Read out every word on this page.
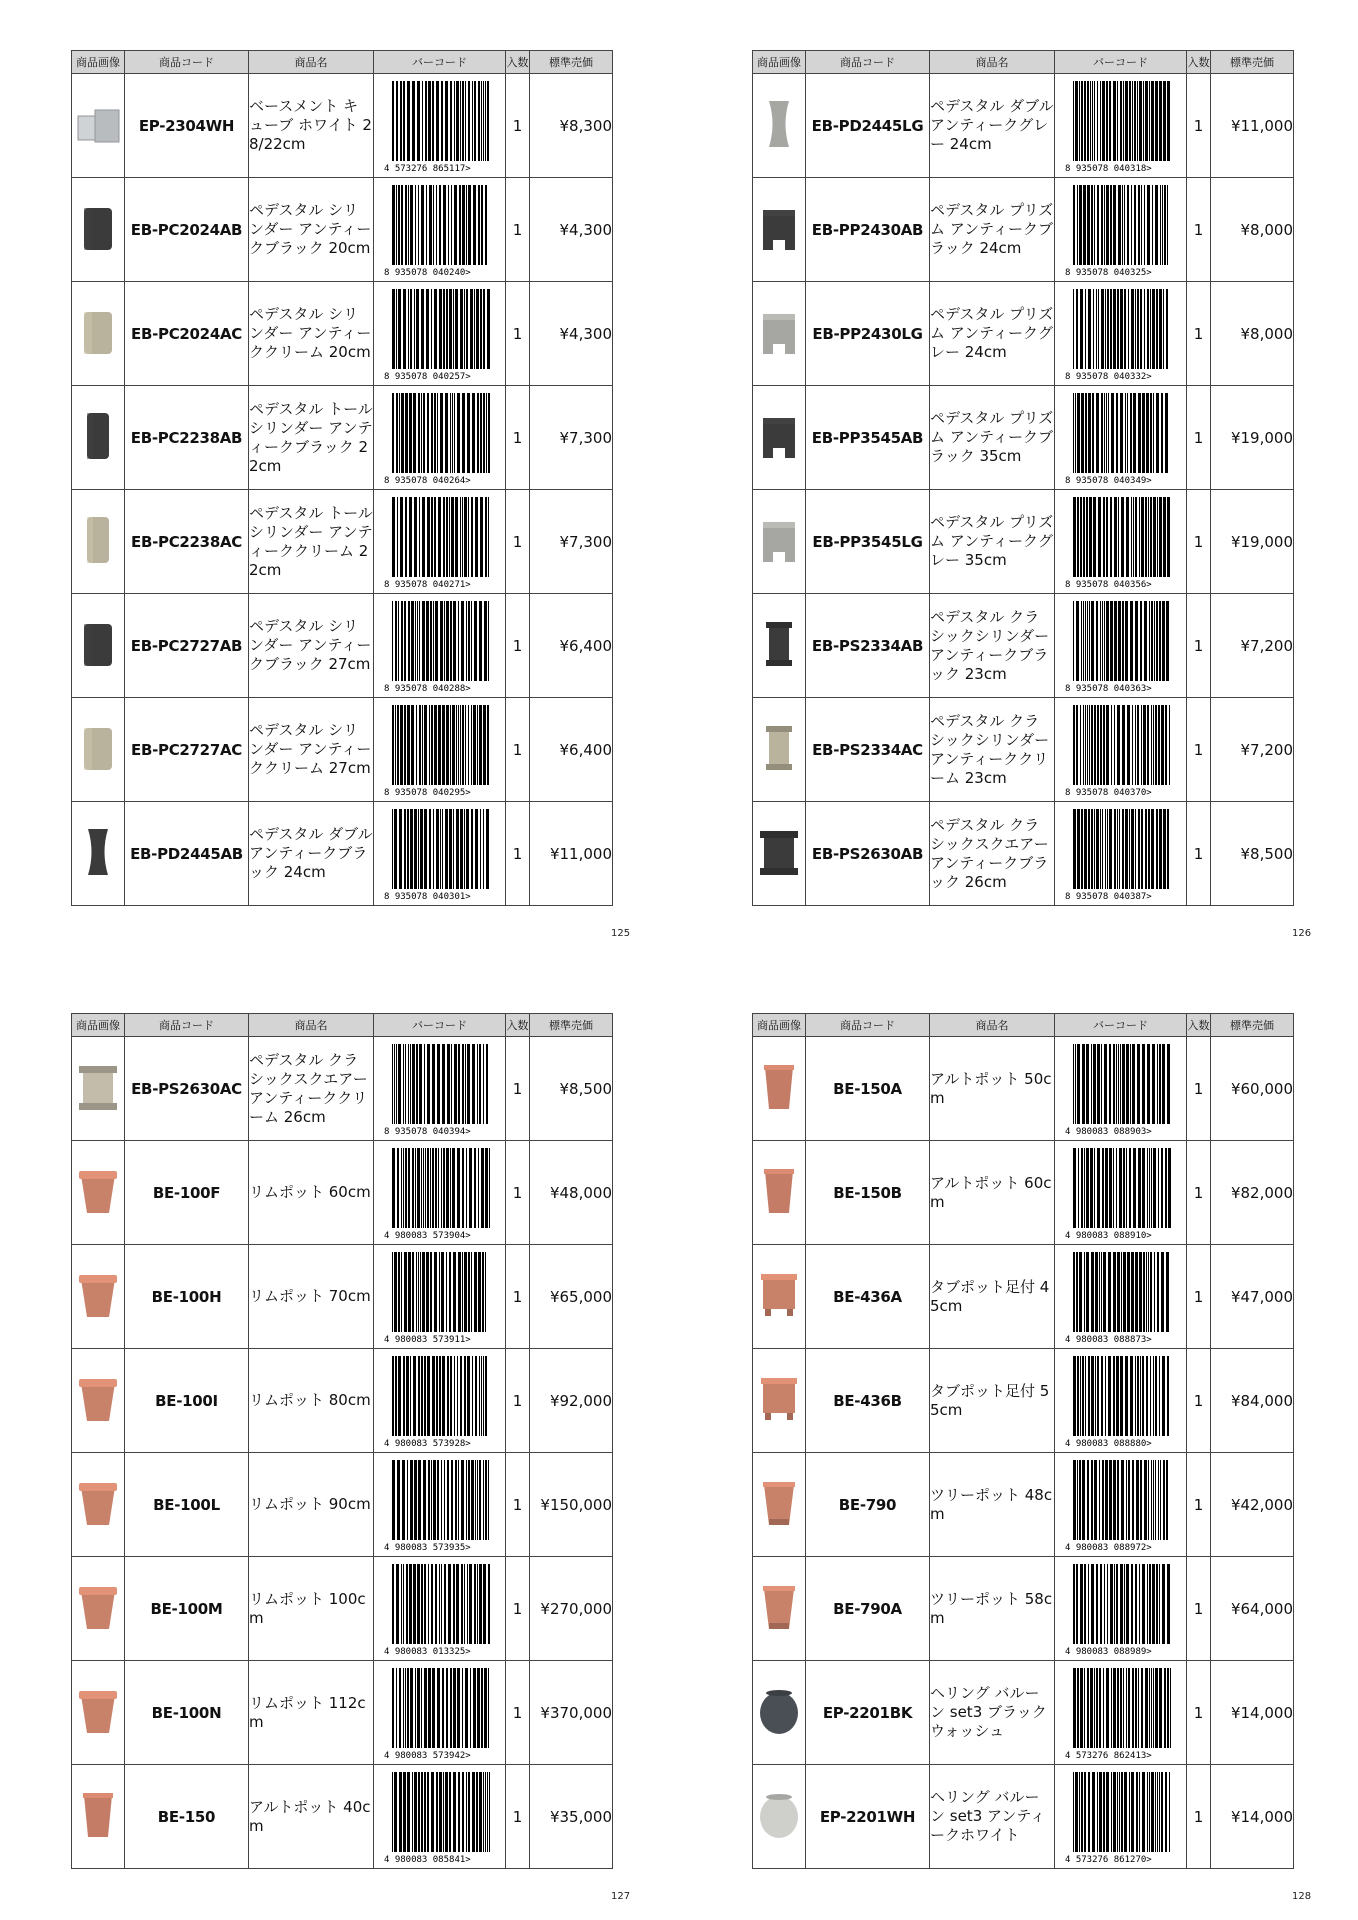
商品画像	商品コード	商品名	バーコード	入数	標準売価
	EP-2304WH	ベースメント キューブ ホワイト 28/22cm	4 573276 865117>	1	¥8,300
	EB-PC2024AB	ペデスタル シリンダー アンティークブラック 20cm	8 935078 040240>	1	¥4,300
	EB-PC2024AC	ペデスタル シリンダー アンティーククリーム 20cm	8 935078 040257>	1	¥4,300
	EB-PC2238AB	ペデスタル トールシリンダー アンティークブラック 22cm	8 935078 040264>	1	¥7,300
	EB-PC2238AC	ペデスタル トールシリンダー アンティーククリーム 22cm	8 935078 040271>	1	¥7,300
	EB-PC2727AB	ペデスタル シリンダー アンティークブラック 27cm	8 935078 040288>	1	¥6,400
	EB-PC2727AC	ペデスタル シリンダー アンティーククリーム 27cm	8 935078 040295>	1	¥6,400
	EB-PD2445AB	ペデスタル ダブル アンティークブラック 24cm	8 935078 040301>	1	¥11,000
商品画像	商品コード	商品名	バーコード	入数	標準売価
	EB-PD2445LG	ペデスタル ダブル アンティークグレー 24cm	8 935078 040318>	1	¥11,000
	EB-PP2430AB	ペデスタル プリズム アンティークブラック 24cm	8 935078 040325>	1	¥8,000
	EB-PP2430LG	ペデスタル プリズム アンティークグレー 24cm	8 935078 040332>	1	¥8,000
	EB-PP3545AB	ペデスタル プリズム アンティークブラック 35cm	8 935078 040349>	1	¥19,000
	EB-PP3545LG	ペデスタル プリズム アンティークグレー 35cm	8 935078 040356>	1	¥19,000
	EB-PS2334AB	ペデスタル クラシックシリンダー アンティークブラック 23cm	8 935078 040363>	1	¥7,200
	EB-PS2334AC	ペデスタル クラシックシリンダー アンティーククリーム 23cm	8 935078 040370>	1	¥7,200
	EB-PS2630AB	ペデスタル クラシックスクエアー アンティークブラック 26cm	8 935078 040387>	1	¥8,500
商品画像	商品コード	商品名	バーコード	入数	標準売価
	EB-PS2630AC	ペデスタル クラシックスクエアー アンティーククリーム 26cm	8 935078 040394>	1	¥8,500
	BE-100F	リムポット 60cm	4 980083 573904>	1	¥48,000
	BE-100H	リムポット 70cm	4 980083 573911>	1	¥65,000
	BE-100I	リムポット 80cm	4 980083 573928>	1	¥92,000
	BE-100L	リムポット 90cm	4 980083 573935>	1	¥150,000
	BE-100M	リムポット 100cm	4 980083 013325>	1	¥270,000
	BE-100N	リムポット 112cm	4 980083 573942>	1	¥370,000
	BE-150	アルトポット 40cm	4 980083 085841>	1	¥35,000
商品画像	商品コード	商品名	バーコード	入数	標準売価
	BE-150A	アルトポット 50cm	4 980083 088903>	1	¥60,000
	BE-150B	アルトポット 60cm	4 980083 088910>	1	¥82,000
	BE-436A	タブポット足付 45cm	4 980083 088873>	1	¥47,000
	BE-436B	タブポット足付 55cm	4 980083 088880>	1	¥84,000
	BE-790	ツリーポット 48cm	4 980083 088972>	1	¥42,000
	BE-790A	ツリーポット 58cm	4 980083 088989>	1	¥64,000
	EP-2201BK	ヘリング バルーン set3 ブラックウォッシュ	4 573276 862413>	1	¥14,000
	EP-2201WH	ヘリング バルーン set3 アンティークホワイト	4 573276 861270>	1	¥14,000
125	126
127	128
